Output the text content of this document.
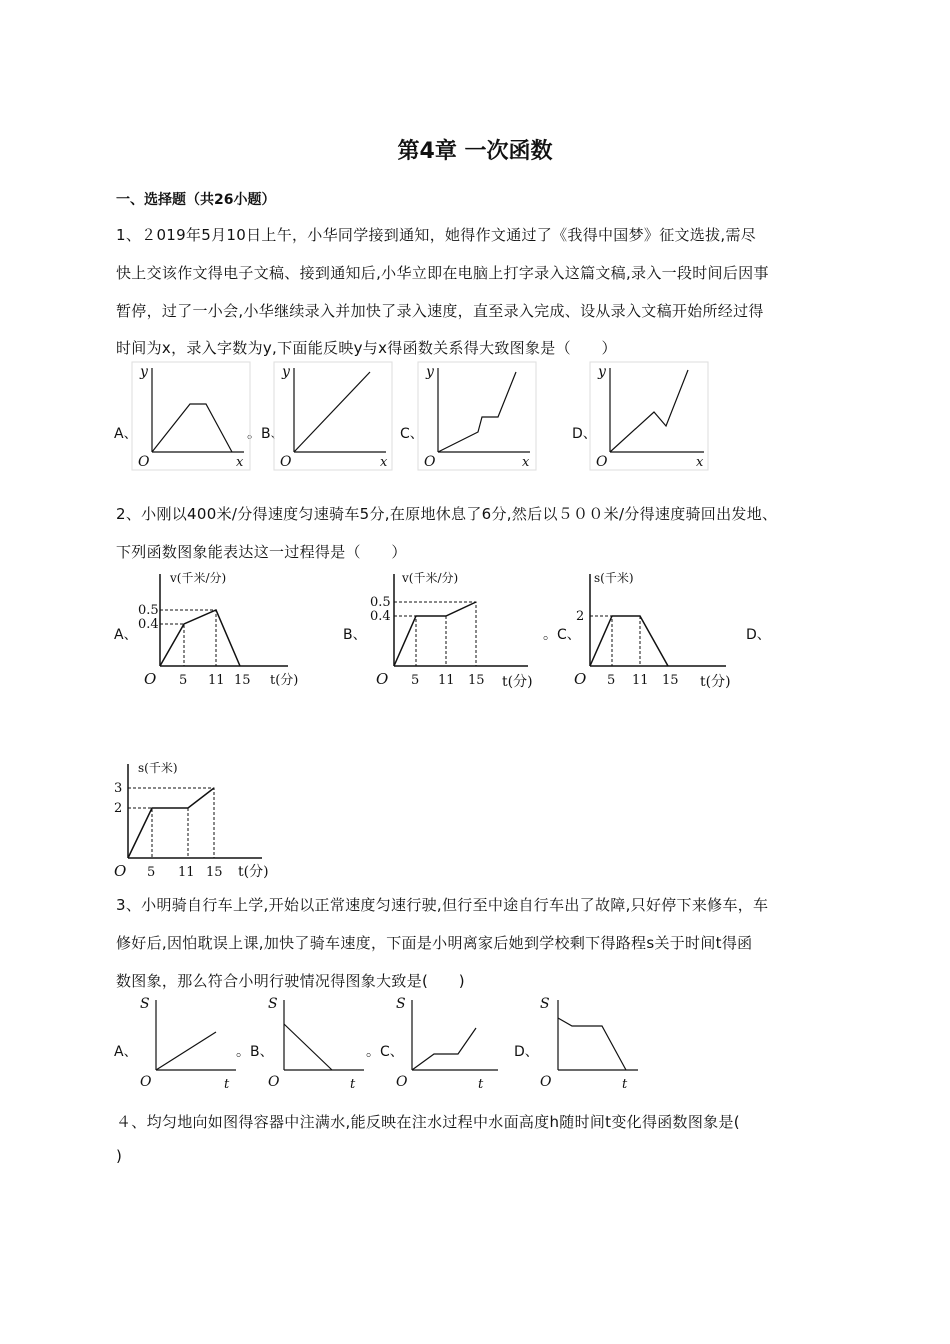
第4章 一次函数
一、选择题（共26小题）
1、２019年5月10日上午，小华同学接到通知，她得作文通过了《我得中国梦》征文选拔,需尽
快上交该作文得电子文稿、接到通知后,小华立即在电脑上打字录入这篇文稿,录入一段时间后因事
暂停，过了一小会,小华继续录入并加快了录入速度，直至录入完成、设从录入文稿开始所经过得
时间为x，录入字数为y,下面能反映y与x得函数关系得大致图象是（　　）
A、	。B、	C、	D、
y
O	x
y
O	x
y
O	x
y
O	x
2、小刚以400米/分得速度匀速骑车5分,在原地休息了6分,然后以５００米/分得速度骑回出发地、
下列函数图象能表达这一过程得是（　　）
A、	B、	。C、	D、
v(千米/分)
0.5
0.4
O 5 11 15 t(分)
v(千米/分)
0.5
0.4
O 5 11 15 t(分)
s(千米)
2
O 5 11 15 t(分)
s(千米)
3
2
O 5 11 15 t(分)
3、小明骑自行车上学,开始以正常速度匀速行驶,但行至中途自行车出了故障,只好停下来修车，车
修好后,因怕耽误上课,加快了骑车速度，下面是小明离家后她到学校剩下得路程s关于时间t得函
数图象，那么符合小明行驶情况得图象大致是(　　)
A、	。B、	。C、	D、
S
O	t
S
O	t
S
O	t
S
O	t
４、均匀地向如图得容器中注满水,能反映在注水过程中水面高度h随时间t变化得函数图象是(
)
